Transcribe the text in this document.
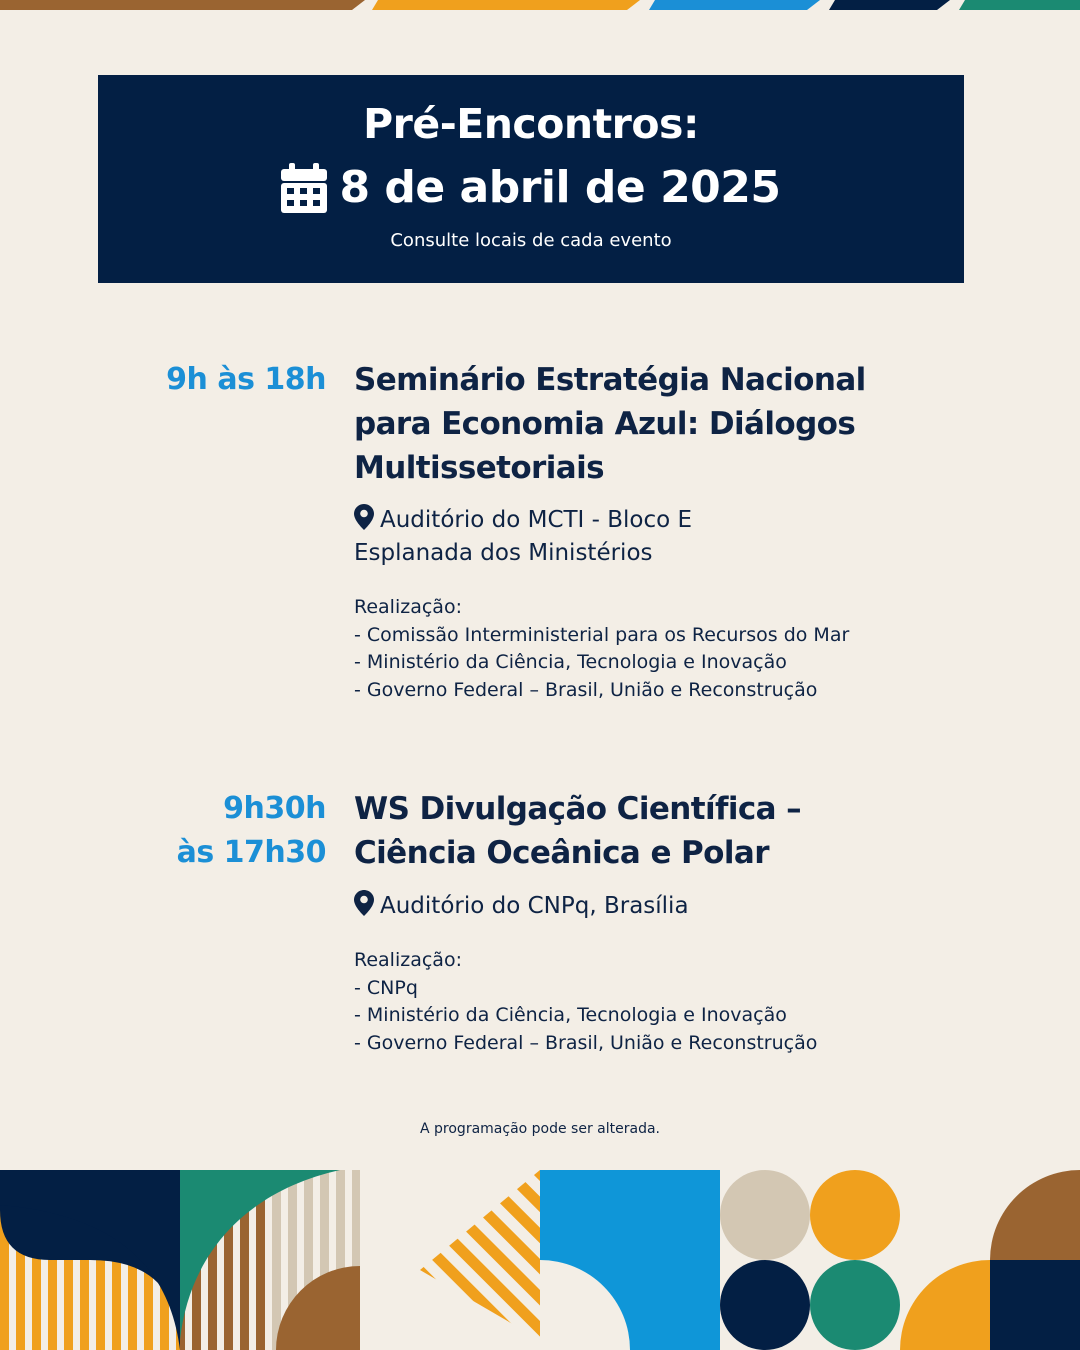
Pré-Encontros:
8 de abril de 2025
Consulte locais de cada evento
9h às 18h Seminário Estratégia Nacional
para Economia Azul: Diálogos
Multissetoriais
Auditório do MCTI - Bloco E
Esplanada dos Ministérios
Realização:
- Comissão Interministerial para os Recursos do Mar
- Ministério da Ciência, Tecnologia e Inovação
- Governo Federal – Brasil, União e Reconstrução
9h30h
às 17h30
WS Divulgação Científica –
Ciência Oceânica e Polar
Auditório do CNPq, Brasília
Realização:
- CNPq
- Ministério da Ciência, Tecnologia e Inovação
- Governo Federal – Brasil, União e Reconstrução
A programação pode ser alterada.
